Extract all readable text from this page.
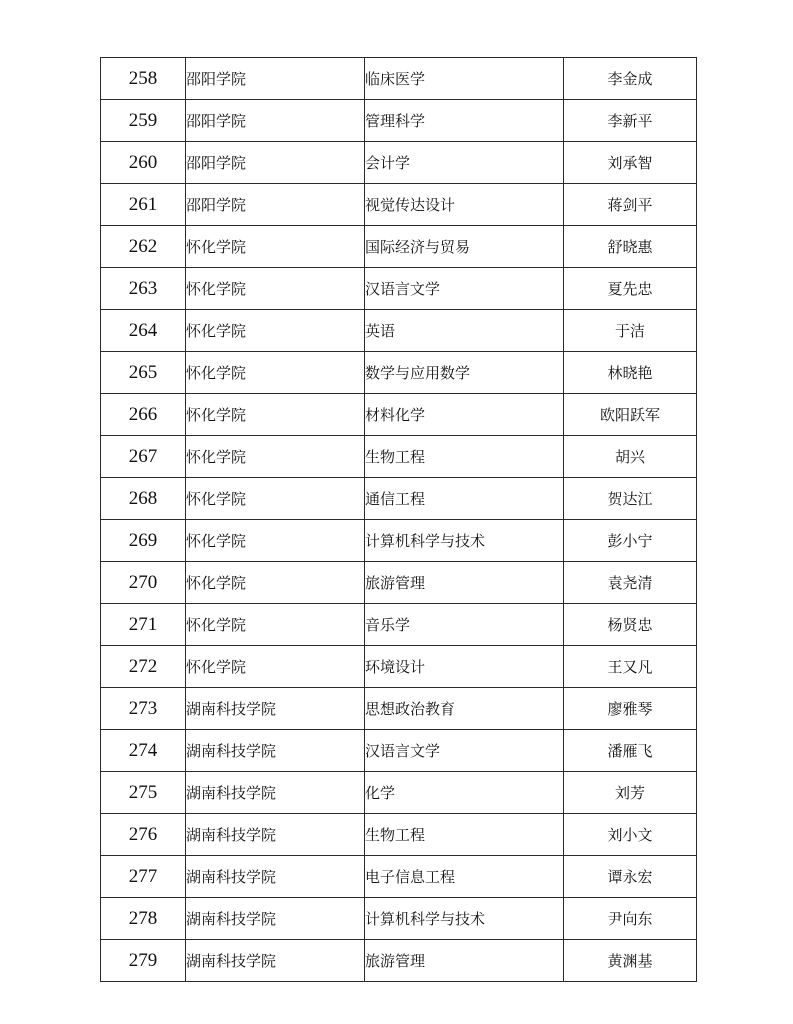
258	邵阳学院	临床医学	李金成
259	邵阳学院	管理科学	李新平
260	邵阳学院	会计学	刘承智
261	邵阳学院	视觉传达设计	蒋剑平
262	怀化学院	国际经济与贸易	舒晓惠
263	怀化学院	汉语言文学	夏先忠
264	怀化学院	英语	于洁
265	怀化学院	数学与应用数学	林晓艳
266	怀化学院	材料化学	欧阳跃军
267	怀化学院	生物工程	胡兴
268	怀化学院	通信工程	贺达江
269	怀化学院	计算机科学与技术	彭小宁
270	怀化学院	旅游管理	袁尧清
271	怀化学院	音乐学	杨贤忠
272	怀化学院	环境设计	王又凡
273	湖南科技学院	思想政治教育	廖雅琴
274	湖南科技学院	汉语言文学	潘雁飞
275	湖南科技学院	化学	刘芳
276	湖南科技学院	生物工程	刘小文
277	湖南科技学院	电子信息工程	谭永宏
278	湖南科技学院	计算机科学与技术	尹向东
279	湖南科技学院	旅游管理	黄渊基
